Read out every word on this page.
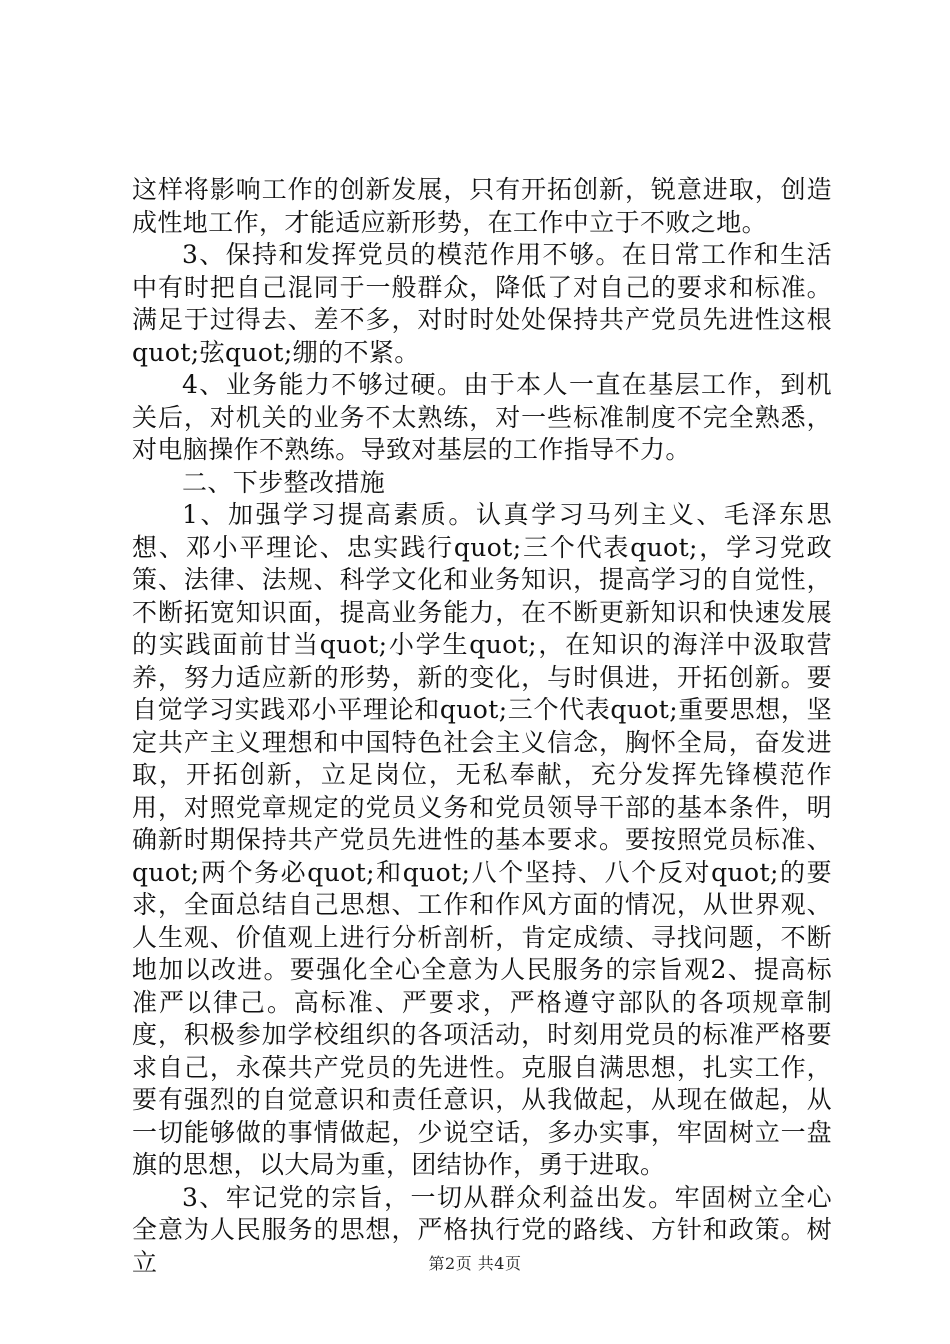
这样将影响工作的创新发展，只有开拓创新，锐意进取，创造成性地工作，才能适应新形势，在工作中立于不败之地。

3、保持和发挥党员的模范作用不够。在日常工作和生活中有时把自己混同于一般群众，降低了对自己的要求和标准。满足于过得去、差不多，对时时处处保持共产党员先进性这根quot;弦quot;绷的不紧。

4、业务能力不够过硬。由于本人一直在基层工作，到机关后，对机关的业务不太熟练，对一些标准制度不完全熟悉，对电脑操作不熟练。导致对基层的工作指导不力。

二、下步整改措施

1、加强学习提高素质。认真学习马列主义、毛泽东思想、邓小平理论、忠实践行quot;三个代表quot;，学习党政策、法律、法规、科学文化和业务知识，提高学习的自觉性，不断拓宽知识面，提高业务能力，在不断更新知识和快速发展的实践面前甘当quot;小学生quot;，在知识的海洋中汲取营养，努力适应新的形势，新的变化，与时俱进，开拓创新。要自觉学习实践邓小平理论和quot;三个代表quot;重要思想，坚定共产主义理想和中国特色社会主义信念，胸怀全局，奋发进取，开拓创新，立足岗位，无私奉献，充分发挥先锋模范作用，对照党章规定的党员义务和党员领导干部的基本条件，明确新时期保持共产党员先进性的基本要求。要按照党员标准、quot;两个务必quot;和quot;八个坚持、八个反对quot;的要求，全面总结自己思想、工作和作风方面的情况，从世界观、人生观、价值观上进行分析剖析，肯定成绩、寻找问题，不断地加以改进。要强化全心全意为人民服务的宗旨观2、提高标准严以律己。高标准、严要求，严格遵守部队的各项规章制度，积极参加学校组织的各项活动，时刻用党员的标准严格要求自己，永葆共产党员的先进性。克服自满思想，扎实工作，要有强烈的自觉意识和责任意识，从我做起，从现在做起，从一切能够做的事情做起，少说空话，多办实事，牢固树立一盘旗的思想，以大局为重，团结协作，勇于进取。

3、牢记党的宗旨，一切从群众利益出发。牢固树立全心全意为人民服务的思想，严格执行党的路线、方针和政策。树立	第2页 共4页
